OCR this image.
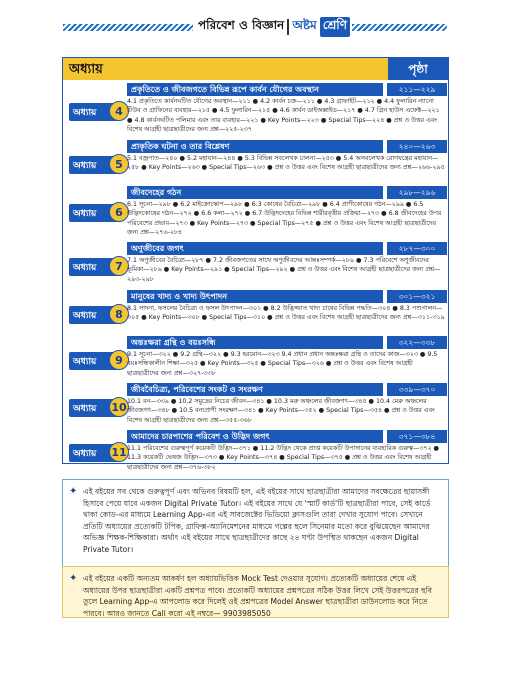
পরিবেশ ও বিজ্ঞান অষ্টম শ্রেণি
অধ্যায়	পৃষ্ঠা
অধ্যায়	4
প্রকৃতিতে ও জীবজগতে বিভিন্ন রূপে কার্বন যৌগের অবস্থান	২১১—২২৯
4.1 প্রকৃতিতে কার্বনঘটিত যৌগের অবস্থান—২১১ ● 4.2 কার্বন চক্র—২১১ ● 4.3 গ্রাফাইট—২১২ ● 4.4 ফুলারিন ন্যানো টিউব ও গ্রাফিনের ব্যবহার—২১৫ ● 4.5 ফুলারিন—২১৫ ● 4.6 কার্বন ডাইঅক্সাইড—২১৭ ● 4.7 গ্রিন হাউস এফেক্ট—২২১ ● 4.8 কার্বনঘটিত পলিমার এবং তার ব্যবহার—২২১ ● Key Points—২২৩ ● Special Tips—২২৪ ● প্রশ্ন ও উত্তর এবং বিশেষ আগ্রহী ছাত্রছাত্রীদের জন্য প্রশ্ন—২২৫-২৩৭
অধ্যায়	5
প্রাকৃতিক ঘটনা ও তার বিশ্লেষণ	২৪০—২৬৩
5.1 বজ্রপাত—২৪০ ● 5.2 মহাযান—২৪৪ ● 5.3 বিভিন্ন সবলেখক চালনা—২৫৩ ● 5.4 অসবলেখক রোগযন্ত্রের মহাযান—২৫৮ ● Key Points—২৬৩ ● Special Tips—২৬৩ ● প্রশ্ন ও উত্তর এবং বিশেষ আগ্রহী ছাত্রছাত্রীদের জন্য প্রশ্ন—২৬৬-২৯৫
অধ্যায়	6
জীবদেহের গঠন	২৯৮—২৯৬
6.1 সূচনা—২৯৮ ● 6.2 মাইক্রোস্কোপ—২৯৮ ● 6.3 কোষের বৈচিত্র্য—২৯৮ ● 6.4 প্রাণীকোষের গঠন—২৯৯ ● 6.5 উদ্ভিদকোষের গঠন—২৭২ ● 6.6 কলা—২৭২ ● 6.7 উদ্ভিদদেহের বিভিন্ন শারীরবৃত্তীয় প্রক্রিয়া—২৭৩ ● 6.8 জীবদেহের উপর পরিবেশের প্রভাব—২৭৩ ● Key Points—২৭৩ ● Special Tips—২৭৫ ● প্রশ্ন ও উত্তর এবং বিশেষ আগ্রহী ছাত্রছাত্রীদের জন্য প্রশ্ন—২৭৬-২৮৪
অধ্যায়	7
অণুজীবের জগৎ	২৮৭—৩০০
7.1 অণুজীবের বৈচিত্র্য—২৮৭ ● 7.2 জীবজগতের সাথে অণুজীবদের আন্তঃসম্পর্ক—২৮৯ ● 7.3 পরিবেশে অণুজীবদের ভূমিকা—২৮৯ ● Key Points—২৯১ ● Special Tips—২৯২ ● প্রশ্ন ও উত্তর এবং বিশেষ আগ্রহী ছাত্রছাত্রীদের জন্য প্রশ্ন—২৯৩-২৯৮
অধ্যায়	8
মানুষের খাদ্য ও খাদ্য উৎপাদন	৩০১—৩২১
8.1 সাদনা, ফসলের বৈচিত্র্য ও ফসল উৎপাদন—৩০১ ● 8.2 উদ্ভিজ্জাত খাদ্য চাষের বিভিন্ন পদ্ধতি—৩০৪ ● 8.3 পশুপালন—৩০৫ ● Key Points—৩০৮ ● Special Tips—৩১০ ● প্রশ্ন ও উত্তর এবং বিশেষ আগ্রহী ছাত্রছাত্রীদের জন্য প্রশ্ন—৩১১-৩১৯
অধ্যায়	9
অন্তঃক্ষরা গ্রন্থি ও বয়ঃসন্ধি	৩২২—৩৩৮
9.1 সূচনা—৩২২ ● 9.2 গ্রন্থি—৩২২ ● 9.3 হরমোন—৩২৩ 9.4 প্রধান প্রধান অন্তঃক্ষরা গ্রন্থি ও তাদের কাজ—৩২৩ ● 9.5 বয়ঃসন্ধিকালীন শিক্ষা—৩২৫ ● Key Points—৩২৫ ● Special Tips—৩২৬ ● প্রশ্ন ও উত্তর এবং বিশেষ আগ্রহী ছাত্রছাত্রীদের জন্য প্রশ্ন—৩২৭-৩৩৮
অধ্যায় 10
জীববৈচিত্র্য, পরিবেশের সংকট ও সংরক্ষণ	৩৩৯—৩৭০
10.1 বন—৩৩৯ ● 10.2 সমুদ্রের নিচের জীবন—৩৪১ ● 10.3 মরু অঞ্চলের জীবজগৎ—৩৪৫ ● 10.4 মেরু অঞ্চলের জীবজগৎ—৩৪৮ ● 10.5 বন্যপ্রাণী সংরক্ষণ—৩৪১ ● Key Points—৩৫২ ● Special Tips—৩৫৪ ● প্রশ্ন ও উত্তর এবং বিশেষ আগ্রহী ছাত্রছাত্রীদের জন্য প্রশ্ন—৩৫৫-৩৬৮
অধ্যায় 11
আমাদের চারপাশের পরিবেশ ও উদ্ভিদ জগৎ	৩৭১—৩৮৪
11.1 পরিবেশের গুরুত্বপূর্ণ কয়েকটি উদ্ভিদ—৩৭১ ● 11.2 উদ্ভিদ থেকে প্রাপ্ত কয়েকটি উপাদানের ব্যবহারিক গুরুত্ব—৩৭২ ● 11.3 কয়েকটি ভেষজ উদ্ভিদ—৩৭৩ ● Key Points—৩৭৪ ● Special Tips—৩৭৫ ● প্রশ্ন ও উত্তর এবং বিশেষ আগ্রহী ছাত্রছাত্রীদের জন্য প্রশ্ন—৩৭৬-৩৮২
✦ এই বইয়ের সব থেকে গুরুত্বপূর্ণ এবং অভিনব বিষয়টি হল, এই বইয়ের সাথে ছাত্রছাত্রীরা আমাদের সবক্ষেত্রের ছায়াসঙ্গী হিসাবে পেয়ে যাবে একজন Digital Private Tutor। এই বইয়ের সাথে যে 'স্মার্ট কার্ড'টি ছাত্রছাত্রীরা পাবে, সেই কার্ডে থাকা কোড-এর মাধ্যমে Learning App-এর এই সাবজেক্টের ভিডিয়ো ক্লাসগুলি তারা দেখার সুযোগ পাবে। সেখানে প্রতিটি অধ্যায়ের প্রত্যেকটি টপিক, গ্রাফিক্স-অ্যানিমেশনের মাধ্যমে গল্পের ছলে সিনেমার মতো করে বুঝিয়েছেন আমাদের অভিজ্ঞ শিক্ষক-শিক্ষিকারা। অর্থাৎ এই বইয়ের সাথে ছাত্রছাত্রীদের কাছে ২৪ ঘণ্টা উপস্থিত থাকছেন একজন Digital Private Tutor।
✦ এই বইয়ের একটি অন্যতম আকর্ষণ হল অধ্যায়ভিত্তিক Mock Test দেওয়ার সুযোগ। প্রত্যেকটি অধ্যায়ের শেষে এই অধ্যায়ের উপর ছাত্রছাত্রীরা একটি প্রশ্নপত্র পাবে। প্রত্যেকটি অধ্যায়ের প্রশ্নপত্রের সঠিক উত্তর লিখে সেই উত্তরপত্রের ছবি তুলে Learning App-এ আপলোড করে দিলেই ওই প্রশ্নপত্রের Model Answer ছাত্রছাত্রীরা ডাউনলোড করে নিতে পারবে। আরও জানতে Call করো এই নম্বরে— 9903985050
